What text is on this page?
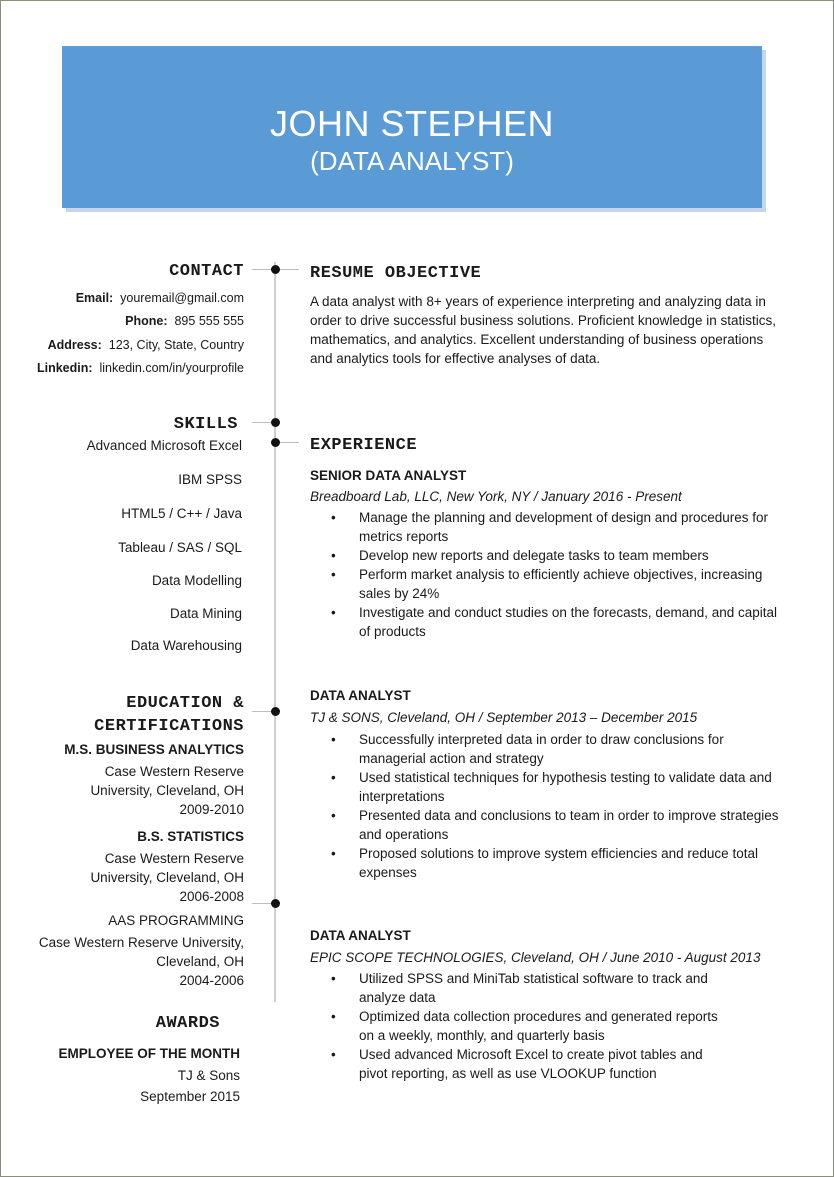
JOHN STEPHEN
(DATA ANALYST)
CONTACT
Email: youremail@gmail.com
Phone: 895 555 555
Address: 123, City, State, Country
Linkedin: linkedin.com/in/yourprofile
SKILLS
Advanced Microsoft Excel
IBM SPSS
HTML5 / C++ / Java
Tableau / SAS / SQL
Data Modelling
Data Mining
Data Warehousing
EDUCATION &
CERTIFICATIONS
M.S. BUSINESS ANALYTICS
Case Western Reserve
University, Cleveland, OH
2009-2010
B.S. STATISTICS
Case Western Reserve
University, Cleveland, OH
2006-2008
AAS PROGRAMMING
Case Western Reserve University,
Cleveland, OH
2004-2006
AWARDS
EMPLOYEE OF THE MONTH
TJ & Sons
September 2015
RESUME OBJECTIVE
A data analyst with 8+ years of experience interpreting and analyzing data in order to drive successful business solutions. Proficient knowledge in statistics, mathematics, and analytics. Excellent understanding of business operations and analytics tools for effective analyses of data.
EXPERIENCE
SENIOR DATA ANALYST
Breadboard Lab, LLC, New York, NY / January 2016 - Present
• Manage the planning and development of design and procedures for metrics reports
• Develop new reports and delegate tasks to team members
• Perform market analysis to efficiently achieve objectives, increasing sales by 24%
• Investigate and conduct studies on the forecasts, demand, and capital of products
DATA ANALYST
TJ & SONS, Cleveland, OH / September 2013 – December 2015
• Successfully interpreted data in order to draw conclusions for managerial action and strategy
• Used statistical techniques for hypothesis testing to validate data and interpretations
• Presented data and conclusions to team in order to improve strategies and operations
• Proposed solutions to improve system efficiencies and reduce total expenses
DATA ANALYST
EPIC SCOPE TECHNOLOGIES, Cleveland, OH / June 2010 - August 2013
• Utilized SPSS and MiniTab statistical software to track and analyze data
• Optimized data collection procedures and generated reports on a weekly, monthly, and quarterly basis
• Used advanced Microsoft Excel to create pivot tables and pivot reporting, as well as use VLOOKUP function
